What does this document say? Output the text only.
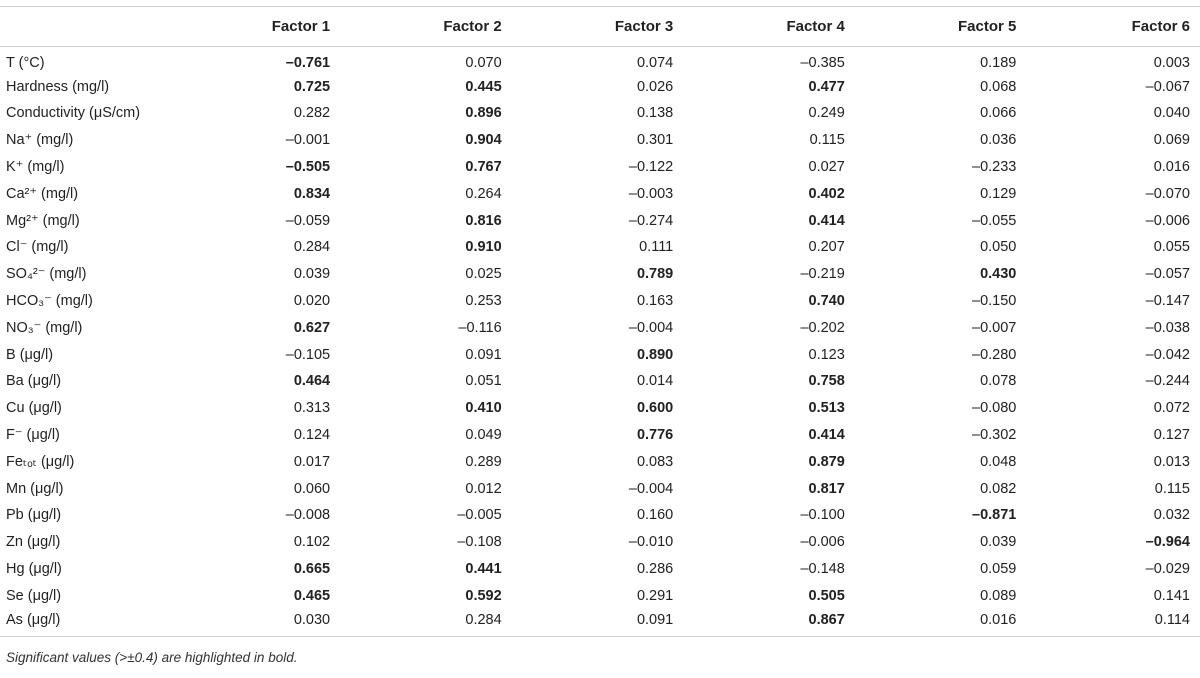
	Factor 1	Factor 2	Factor 3	Factor 4	Factor 5	Factor 6
T (°C)	–0.761	0.070	0.074	–0.385	0.189	0.003
Hardness (mg/l)	0.725	0.445	0.026	0.477	0.068	–0.067
Conductivity (μS/cm)	0.282	0.896	0.138	0.249	0.066	0.040
Na⁺ (mg/l)	–0.001	0.904	0.301	0.115	0.036	0.069
K⁺ (mg/l)	–0.505	0.767	–0.122	0.027	–0.233	0.016
Ca²⁺ (mg/l)	0.834	0.264	–0.003	0.402	0.129	–0.070
Mg²⁺ (mg/l)	–0.059	0.816	–0.274	0.414	–0.055	–0.006
Cl⁻ (mg/l)	0.284	0.910	0.111	0.207	0.050	0.055
SO₄²⁻ (mg/l)	0.039	0.025	0.789	–0.219	0.430	–0.057
HCO₃⁻ (mg/l)	0.020	0.253	0.163	0.740	–0.150	–0.147
NO₃⁻ (mg/l)	0.627	–0.116	–0.004	–0.202	–0.007	–0.038
B (μg/l)	–0.105	0.091	0.890	0.123	–0.280	–0.042
Ba (μg/l)	0.464	0.051	0.014	0.758	0.078	–0.244
Cu (μg/l)	0.313	0.410	0.600	0.513	–0.080	0.072
F⁻ (μg/l)	0.124	0.049	0.776	0.414	–0.302	0.127
Feₜₒₜ (μg/l)	0.017	0.289	0.083	0.879	0.048	0.013
Mn (μg/l)	0.060	0.012	–0.004	0.817	0.082	0.115
Pb (μg/l)	–0.008	–0.005	0.160	–0.100	–0.871	0.032
Zn (μg/l)	0.102	–0.108	–0.010	–0.006	0.039	–0.964
Hg (μg/l)	0.665	0.441	0.286	–0.148	0.059	–0.029
Se (μg/l)	0.465	0.592	0.291	0.505	0.089	0.141
As (μg/l)	0.030	0.284	0.091	0.867	0.016	0.114
Significant values (>±0.4) are highlighted in bold.
